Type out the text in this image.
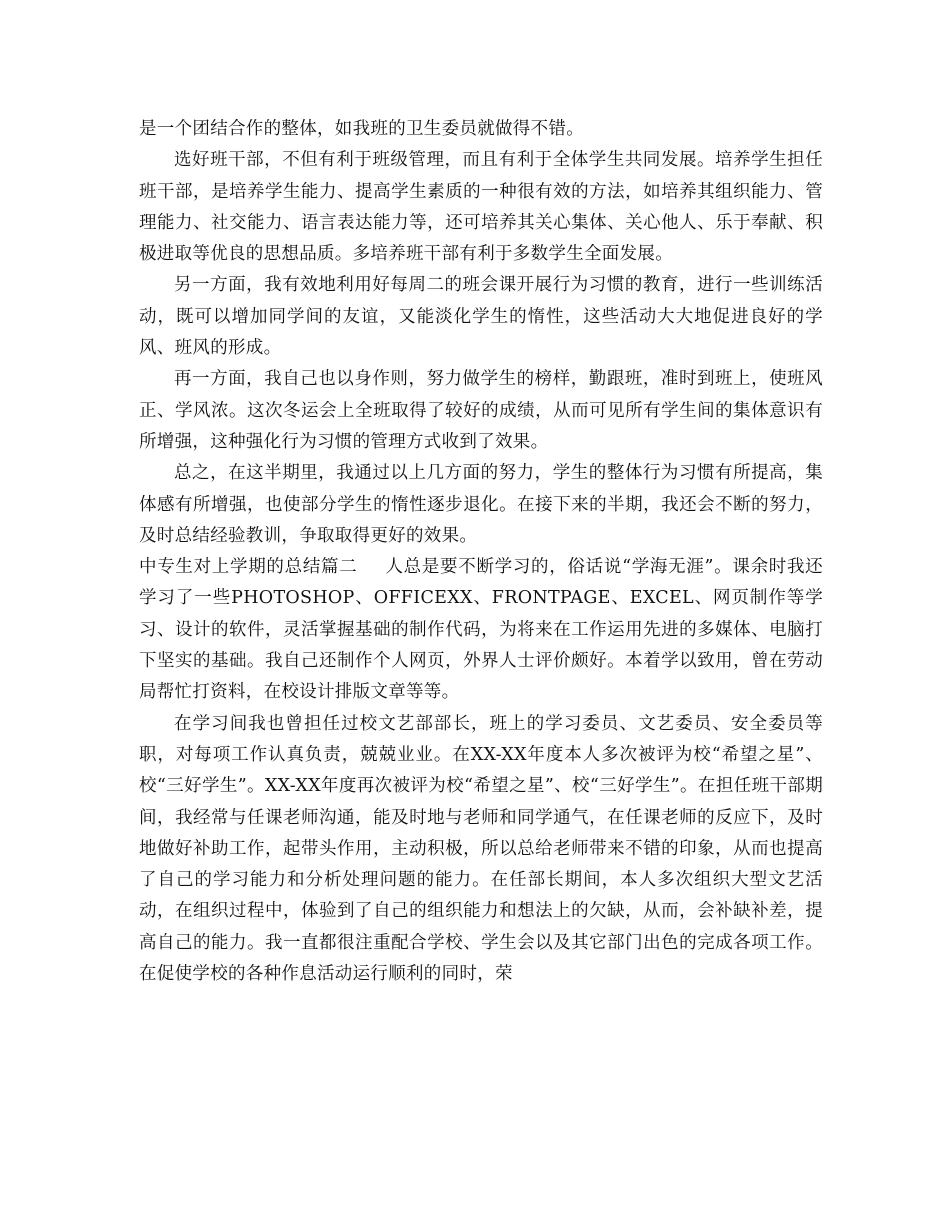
是一个团结合作的整体，如我班的卫生委员就做得不错。

选好班干部，不但有利于班级管理，而且有利于全体学生共同发展。培养学生担任班干部，是培养学生能力、提高学生素质的一种很有效的方法，如培养其组织能力、管理能力、社交能力、语言表达能力等，还可培养其关心集体、关心他人、乐于奉献、积极进取等优良的思想品质。多培养班干部有利于多数学生全面发展。

另一方面，我有效地利用好每周二的班会课开展行为习惯的教育，进行一些训练活动，既可以增加同学间的友谊，又能淡化学生的惰性，这些活动大大地促进良好的学风、班风的形成。

再一方面，我自己也以身作则，努力做学生的榜样，勤跟班，准时到班上，使班风正、学风浓。这次冬运会上全班取得了较好的成绩，从而可见所有学生间的集体意识有所增强，这种强化行为习惯的管理方式收到了效果。

总之，在这半期里，我通过以上几方面的努力，学生的整体行为习惯有所提高，集体感有所增强，也使部分学生的惰性逐步退化。在接下来的半期，我还会不断的努力，及时总结经验教训，争取取得更好的效果。

中专生对上学期的总结篇二 人总是要不断学习的，俗话说“学海无涯”。课余时我还学习了一些PHOTOSHOP、OFFICEXX、FRONTPAGE、EXCEL、网页制作等学习、设计的软件，灵活掌握基础的制作代码，为将来在工作运用先进的多媒体、电脑打下坚实的基础。我自己还制作个人网页，外界人士评价颇好。本着学以致用，曾在劳动局帮忙打资料，在校设计排版文章等等。

在学习间我也曾担任过校文艺部部长，班上的学习委员、文艺委员、安全委员等职，对每项工作认真负责，兢兢业业。在XX-XX年度本人多次被评为校“希望之星”、校“三好学生”。XX-XX年度再次被评为校“希望之星”、校“三好学生”。在担任班干部期间，我经常与任课老师沟通，能及时地与老师和同学通气，在任课老师的反应下，及时地做好补助工作，起带头作用，主动积极，所以总给老师带来不错的印象，从而也提高了自己的学习能力和分析处理问题的能力。在任部长期间，本人多次组织大型文艺活动，在组织过程中，体验到了自己的组织能力和想法上的欠缺，从而，会补缺补差，提高自己的能力。我一直都很注重配合学校、学生会以及其它部门出色的完成各项工作。在促使学校的各种作息活动运行顺利的同时，荣
